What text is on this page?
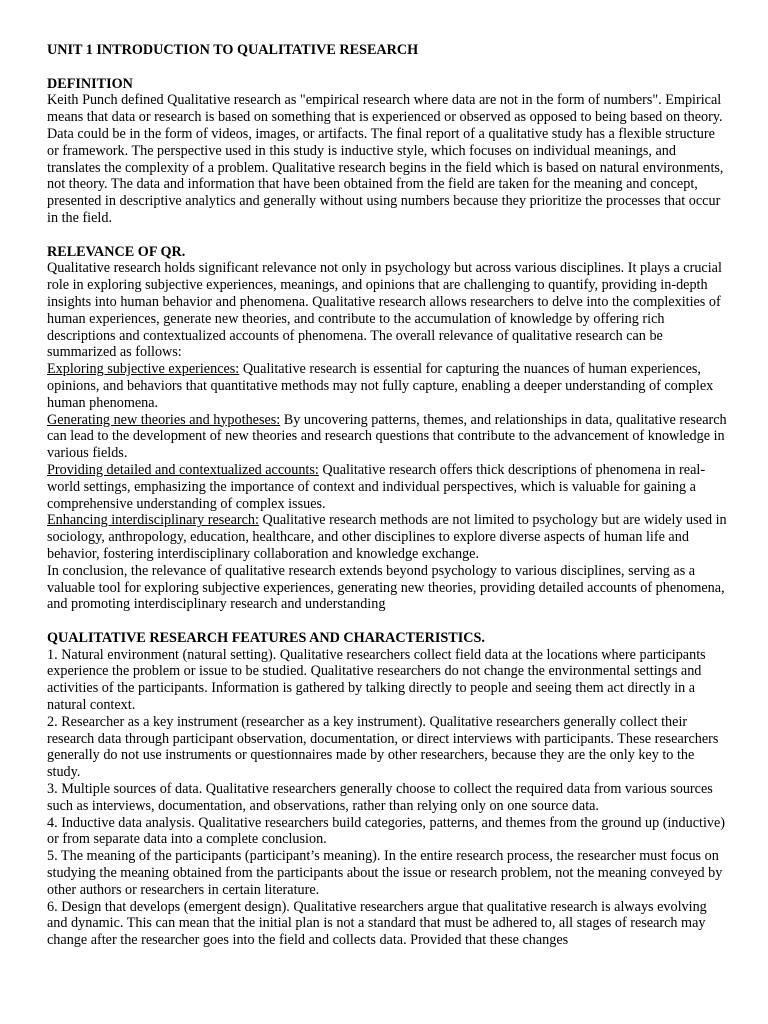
UNIT 1 INTRODUCTION TO QUALITATIVE RESEARCH

DEFINITION

Keith Punch defined Qualitative research as "empirical research where data are not in the form of numbers". Empirical means that data or research is based on something that is experienced or observed as opposed to being based on theory. Data could be in the form of videos, images, or artifacts. The final report of a qualitative study has a flexible structure or framework. The perspective used in this study is inductive style, which focuses on individual meanings, and translates the complexity of a problem. Qualitative research begins in the field which is based on natural environments, not theory. The data and information that have been obtained from the field are taken for the meaning and concept, presented in descriptive analytics and generally without using numbers because they prioritize the processes that occur in the field.

RELEVANCE OF QR.

Qualitative research holds significant relevance not only in psychology but across various disciplines. It plays a crucial role in exploring subjective experiences, meanings, and opinions that are challenging to quantify, providing in-depth insights into human behavior and phenomena. Qualitative research allows researchers to delve into the complexities of human experiences, generate new theories, and contribute to the accumulation of knowledge by offering rich descriptions and contextualized accounts of phenomena. The overall relevance of qualitative research can be summarized as follows:

Exploring subjective experiences: Qualitative research is essential for capturing the nuances of human experiences, opinions, and behaviors that quantitative methods may not fully capture, enabling a deeper understanding of complex human phenomena.

Generating new theories and hypotheses: By uncovering patterns, themes, and relationships in data, qualitative research can lead to the development of new theories and research questions that contribute to the advancement of knowledge in various fields.

Providing detailed and contextualized accounts: Qualitative research offers thick descriptions of phenomena in real-world settings, emphasizing the importance of context and individual perspectives, which is valuable for gaining a comprehensive understanding of complex issues.

Enhancing interdisciplinary research: Qualitative research methods are not limited to psychology but are widely used in sociology, anthropology, education, healthcare, and other disciplines to explore diverse aspects of human life and behavior, fostering interdisciplinary collaboration and knowledge exchange.

In conclusion, the relevance of qualitative research extends beyond psychology to various disciplines, serving as a valuable tool for exploring subjective experiences, generating new theories, providing detailed accounts of phenomena, and promoting interdisciplinary research and understanding

QUALITATIVE RESEARCH FEATURES AND CHARACTERISTICS.

1. Natural environment (natural setting). Qualitative researchers collect field data at the locations where participants experience the problem or issue to be studied. Qualitative researchers do not change the environmental settings and activities of the participants. Information is gathered by talking directly to people and seeing them act directly in a natural context.

2. Researcher as a key instrument (researcher as a key instrument). Qualitative researchers generally collect their research data through participant observation, documentation, or direct interviews with participants. These researchers generally do not use instruments or questionnaires made by other researchers, because they are the only key to the study.

3. Multiple sources of data. Qualitative researchers generally choose to collect the required data from various sources such as interviews, documentation, and observations, rather than relying only on one source data.

4. Inductive data analysis. Qualitative researchers build categories, patterns, and themes from the ground up (inductive) or from separate data into a complete conclusion.

5. The meaning of the participants (participant’s meaning). In the entire research process, the researcher must focus on studying the meaning obtained from the participants about the issue or research problem, not the meaning conveyed by other authors or researchers in certain literature.

6. Design that develops (emergent design). Qualitative researchers argue that qualitative research is always evolving and dynamic. This can mean that the initial plan is not a standard that must be adhered to, all stages of research may change after the researcher goes into the field and collects data. Provided that these changes
